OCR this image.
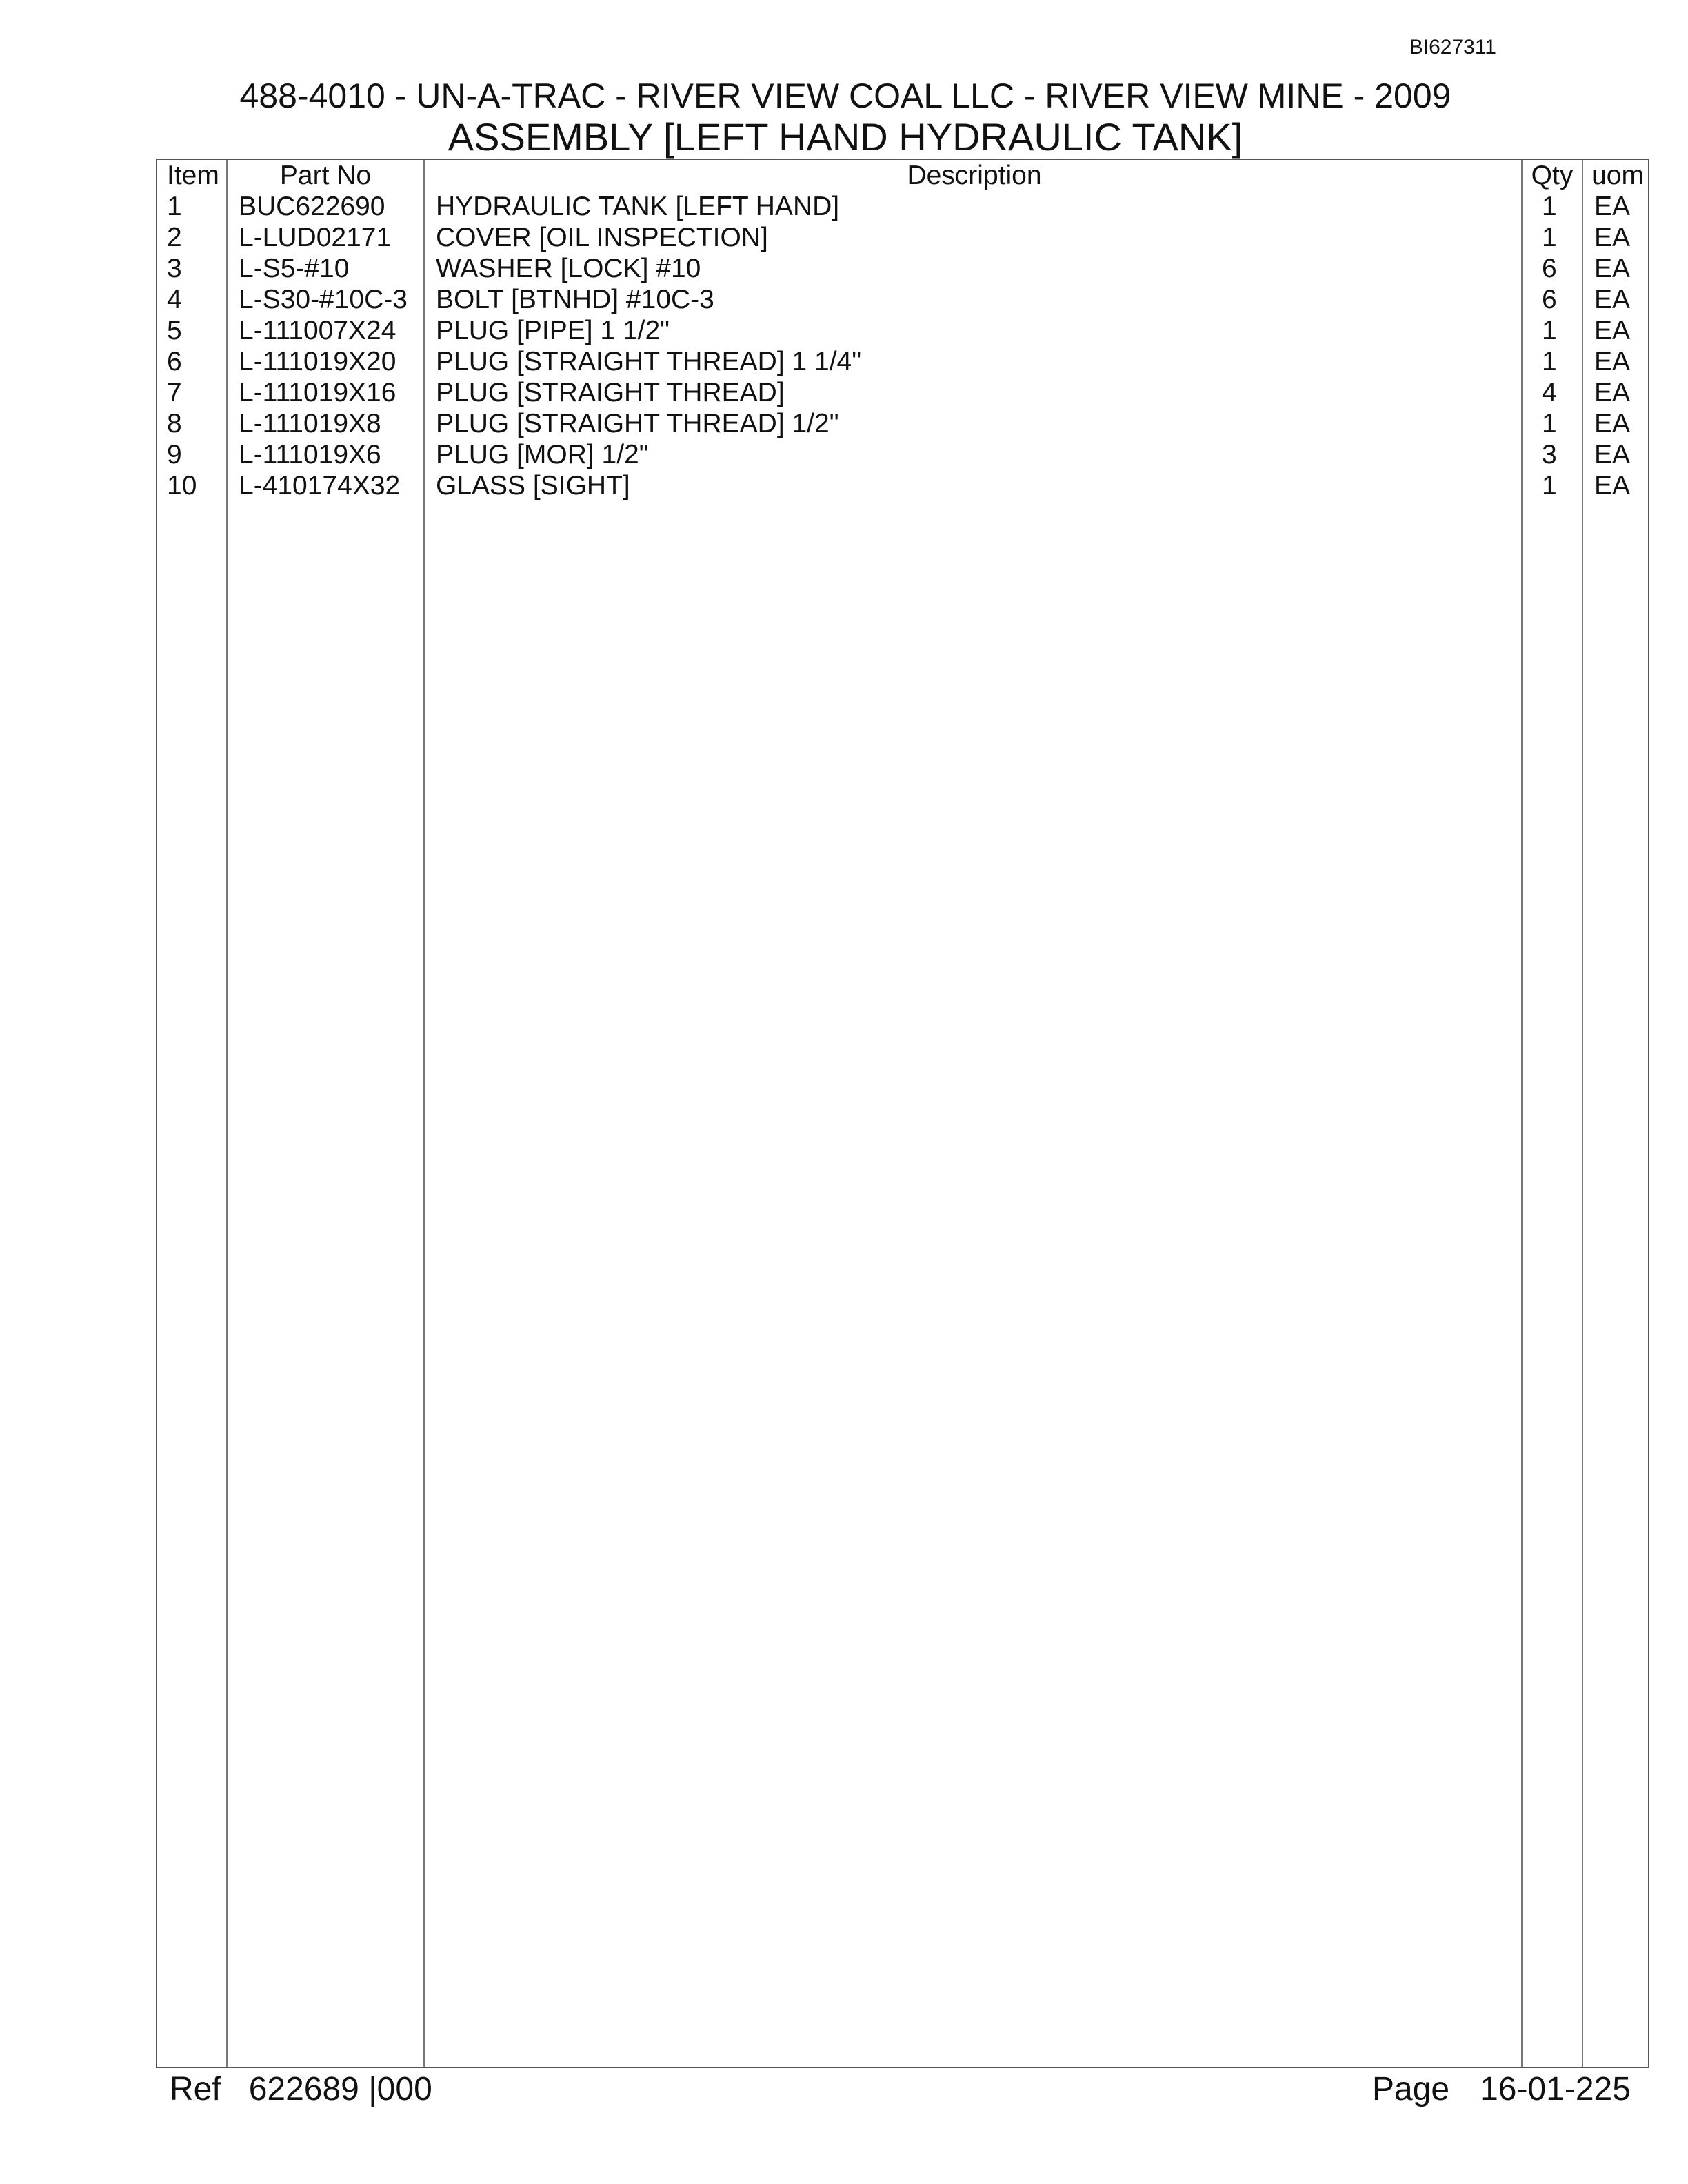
BI627311
488-4010 - UN-A-TRAC - RIVER VIEW COAL LLC - RIVER VIEW MINE - 2009
ASSEMBLY [LEFT HAND HYDRAULIC TANK]
Item	Part No	Description	Qty uom
1	BUC622690	HYDRAULIC TANK [LEFT HAND]	1	EA
2	L-LUD02171	COVER [OIL INSPECTION]	1	EA
3	L-S5-#10	WASHER [LOCK] #10	6	EA
4	L-S30-#10C-3	BOLT [BTNHD] #10C-3	6	EA
5	L-111007X24	PLUG [PIPE] 1 1/2"	1	EA
6	L-111019X20	PLUG [STRAIGHT THREAD] 1 1/4"	1	EA
7	L-111019X16	PLUG [STRAIGHT THREAD]	4	EA
8	L-111019X8	PLUG [STRAIGHT THREAD] 1/2"	1	EA
9	L-111019X6	PLUG [MOR] 1/2"	3	EA
10	L-410174X32	GLASS [SIGHT]	1	EA
Ref 622689 |000	Page 16-01-225
